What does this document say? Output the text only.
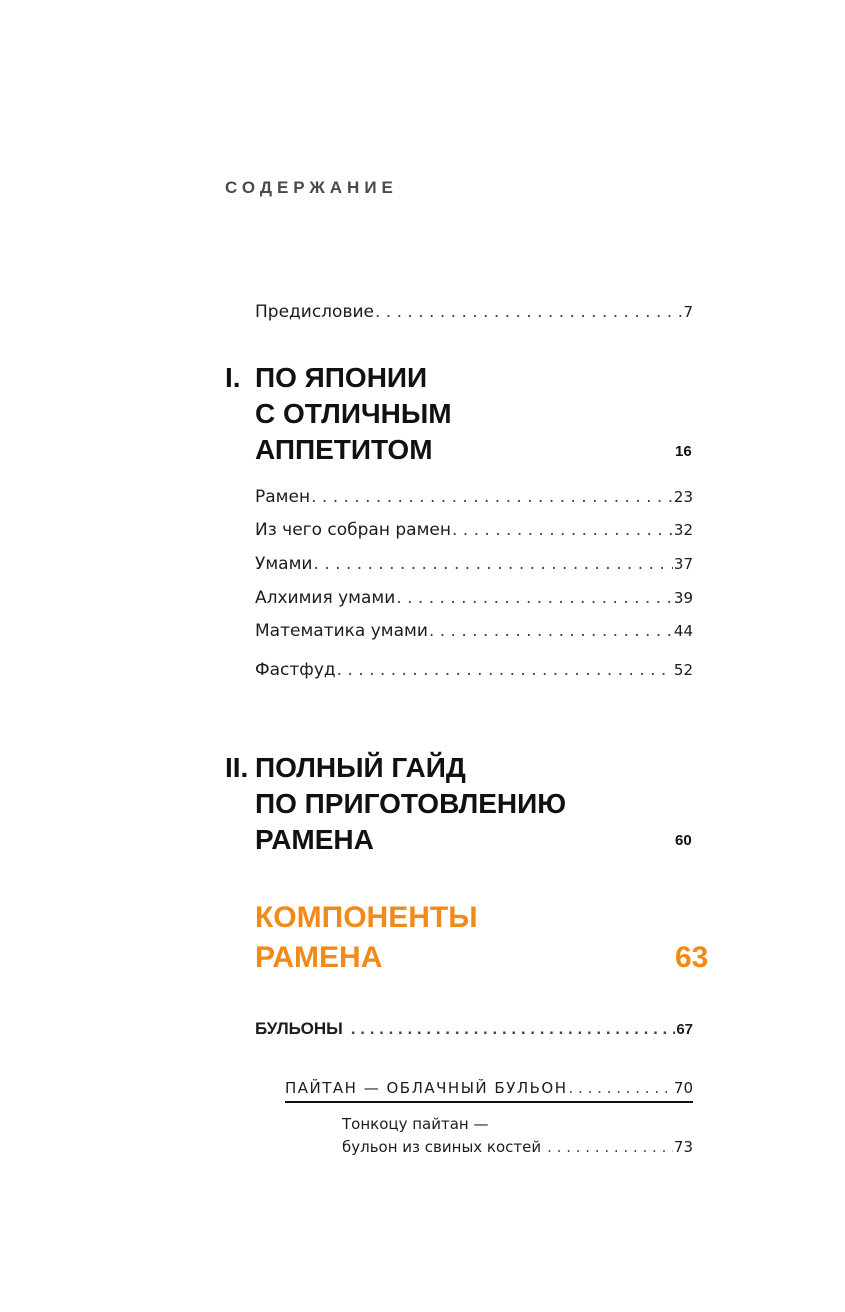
СОДЕРЖАНИЕ
Предисловие . . .	7
I. ПО ЯПОНИИ
С ОТЛИЧНЫМ
АППЕТИТОМ	16
Рамен . . .	23
Из чего собран рамен . . .	32
Умами . . .	37
Алхимия умами . . .	39
Математика умами . . .	44
Фастфуд . . .	52
II. ПОЛНЫЙ ГАЙД
ПО ПРИГОТОВЛЕНИЮ
РАМЕНА	60
КОМПОНЕНТЫ
РАМЕНА	63
БУЛЬОНЫ . . .	67
ПАЙТАН — ОБЛАЧНЫЙ БУЛЬОН . . .	70
Тонкоцу пайтан —
бульон из свиных костей . . .	73
